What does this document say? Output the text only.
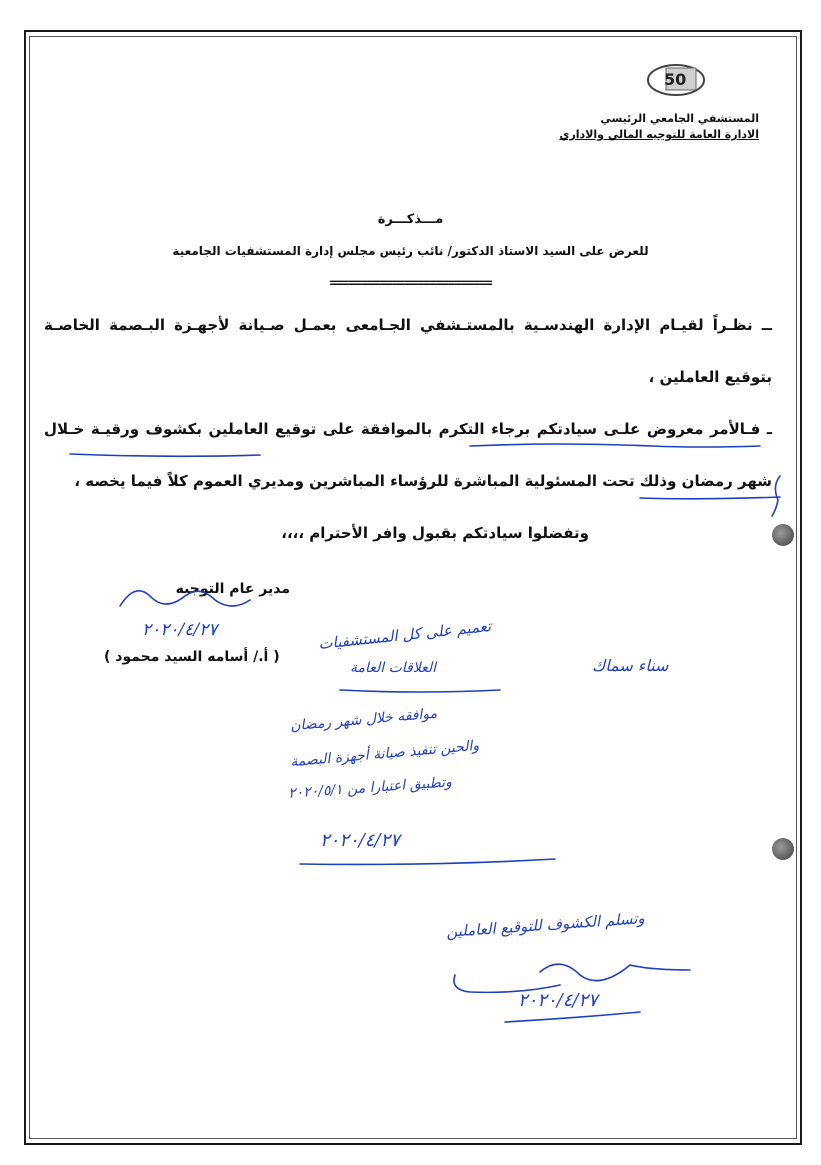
50
المستشفي الجامعي الرئيسي
الادارة العامة للتوجيه المالي والاداري
مـــذكـــرة
للعرض على السيد الاستاذ الدكتور/ نائب رئيس مجلس إدارة المستشفيات الجامعية
==========================
ــ نظـراً لقيـام الإدارة الهندسـية بالمستـشفي الجـامعى بعمـل صـيانة لأجهـزة البـصمة الخاصـة
بتوقيع العاملين ،
ـ فـالأمر معروض علـى سيادتكم برجاء التكرم بالموافقة على توقيع العاملين بكشوف ورقيـة خـلال
شهر رمضان وذلك تحت المسئولية المباشرة للرؤساء المباشرين ومديري العموم كلاً فيما يخصه ،
وتفضلوا سيادتكم بقبول وافر الأحترام ،،،،
مدير عام التوجيه
( أ./ أسامه السيد محمود )
٢٠٢٠/٤/٢٧	تعميم على كل المستشفيات
العلاقات العامة	سناء سماك
موافقه خلال شهر رمضان
والحين تنفيذ صيانة أجهزة البصمة
وتطبيق اعتبارا من ٢٠٢٠/٥/١
٢٠٢٠/٤/٢٧
وتسلم الكشوف للتوقيع العاملين
٢٠٢٠/٤/٢٧
